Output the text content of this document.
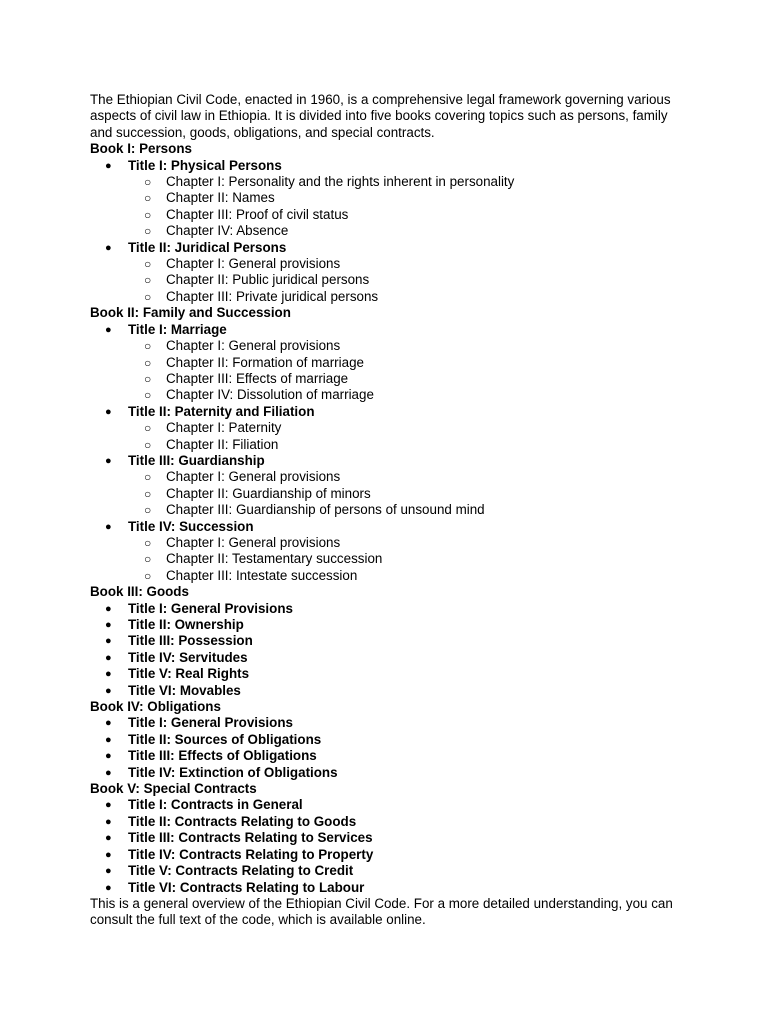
The Ethiopian Civil Code, enacted in 1960, is a comprehensive legal framework governing various aspects of civil law in Ethiopia. It is divided into five books covering topics such as persons, family and succession, goods, obligations, and special contracts.

Book I: Persons

● Title I: Physical Persons
○ Chapter I: Personality and the rights inherent in personality
○ Chapter II: Names
○ Chapter III: Proof of civil status
○ Chapter IV: Absence
● Title II: Juridical Persons
○ Chapter I: General provisions
○ Chapter II: Public juridical persons
○ Chapter III: Private juridical persons

Book II: Family and Succession

● Title I: Marriage
○ Chapter I: General provisions
○ Chapter II: Formation of marriage
○ Chapter III: Effects of marriage
○ Chapter IV: Dissolution of marriage
● Title II: Paternity and Filiation
○ Chapter I: Paternity
○ Chapter II: Filiation
● Title III: Guardianship
○ Chapter I: General provisions
○ Chapter II: Guardianship of minors
○ Chapter III: Guardianship of persons of unsound mind
● Title IV: Succession
○ Chapter I: General provisions
○ Chapter II: Testamentary succession
○ Chapter III: Intestate succession

Book III: Goods

● Title I: General Provisions
● Title II: Ownership
● Title III: Possession
● Title IV: Servitudes
● Title V: Real Rights
● Title VI: Movables

Book IV: Obligations

● Title I: General Provisions
● Title II: Sources of Obligations
● Title III: Effects of Obligations
● Title IV: Extinction of Obligations

Book V: Special Contracts

● Title I: Contracts in General
● Title II: Contracts Relating to Goods
● Title III: Contracts Relating to Services
● Title IV: Contracts Relating to Property
● Title V: Contracts Relating to Credit
● Title VI: Contracts Relating to Labour

This is a general overview of the Ethiopian Civil Code. For a more detailed understanding, you can consult the full text of the code, which is available online.
